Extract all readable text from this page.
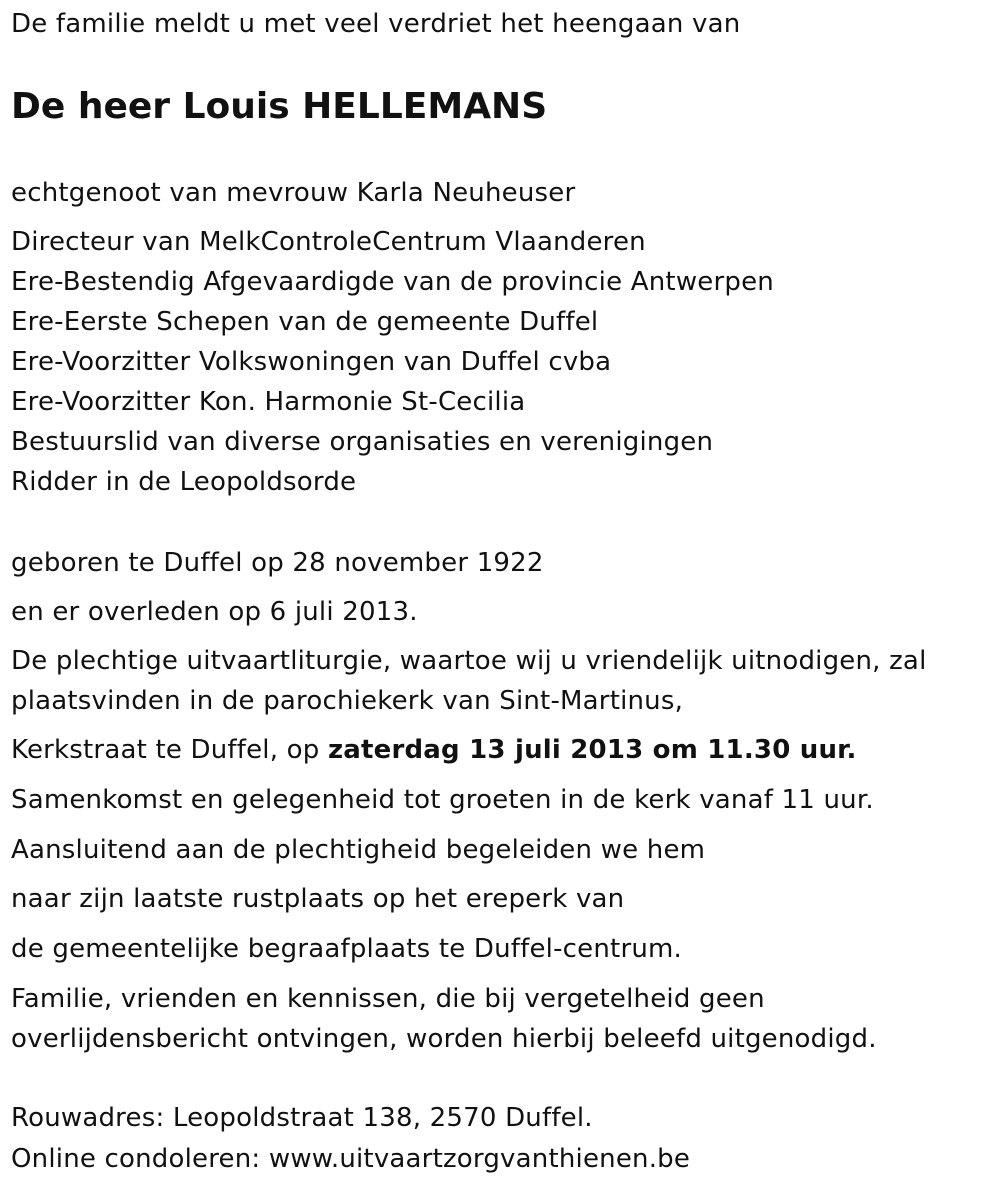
De familie meldt u met veel verdriet het heengaan van
De heer Louis HELLEMANS
echtgenoot van mevrouw Karla Neuheuser
Directeur van MelkControleCentrum Vlaanderen
Ere-Bestendig Afgevaardigde van de provincie Antwerpen
Ere-Eerste Schepen van de gemeente Duffel
Ere-Voorzitter Volkswoningen van Duffel cvba
Ere-Voorzitter Kon. Harmonie St-Cecilia
Bestuurslid van diverse organisaties en verenigingen
Ridder in de Leopoldsorde
geboren te Duffel op 28 november 1922
en er overleden op 6 juli 2013.
De plechtige uitvaartliturgie, waartoe wij u vriendelijk uitnodigen, zal
plaatsvinden in de parochiekerk van Sint-Martinus,
Kerkstraat te Duffel, op zaterdag 13 juli 2013 om 11.30 uur.
Samenkomst en gelegenheid tot groeten in de kerk vanaf 11 uur.
Aansluitend aan de plechtigheid begeleiden we hem
naar zijn laatste rustplaats op het ereperk van
de gemeentelijke begraafplaats te Duffel-centrum.
Familie, vrienden en kennissen, die bij vergetelheid geen
overlijdensbericht ontvingen, worden hierbij beleefd uitgenodigd.
Rouwadres: Leopoldstraat 138, 2570 Duffel.
Online condoleren: www.uitvaartzorgvanthienen.be
